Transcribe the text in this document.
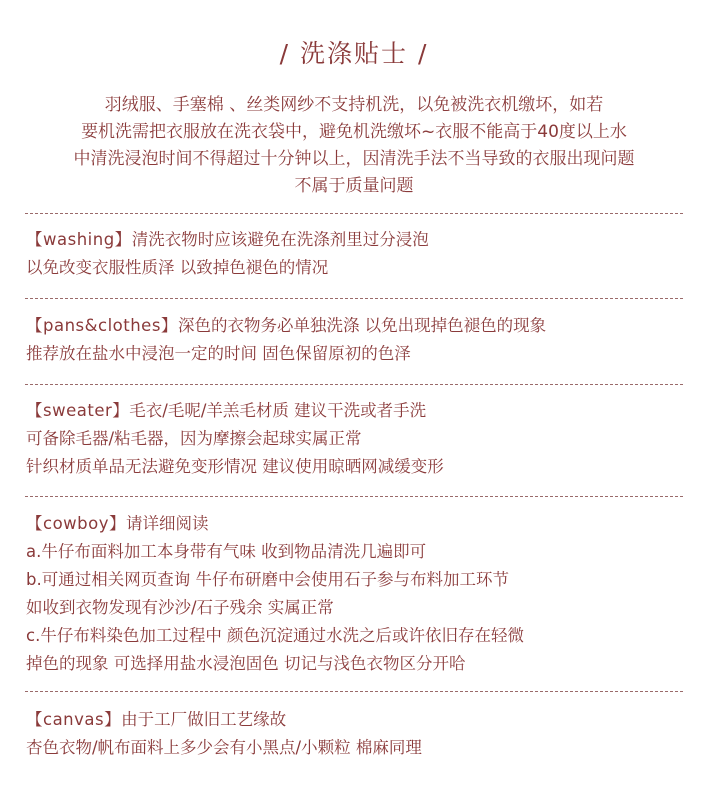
/ 洗涤贴士 /
羽绒服、手塞棉 、丝类网纱不支持机洗，以免被洗衣机缴坏，如若
要机洗需把衣服放在洗衣袋中，避免机洗缴坏~衣服不能高于40度以上水
中清洗浸泡时间不得超过十分钟以上，因清洗手法不当导致的衣服出现问题
不属于质量问题
【washing】清洗衣物时应该避免在洗涤剂里过分浸泡
以免改变衣服性质泽 以致掉色褪色的情况
【pans&clothes】深色的衣物务必单独洗涤 以免出现掉色褪色的现象
推荐放在盐水中浸泡一定的时间 固色保留原初的色泽
【sweater】毛衣/毛呢/羊羔毛材质 建议干洗或者手洗
可备除毛器/粘毛器，因为摩擦会起球实属正常
针织材质单品无法避免变形情况 建议使用晾晒网减缓变形
【cowboy】请详细阅读
a.牛仔布面料加工本身带有气味 收到物品清洗几遍即可
b.可通过相关网页查询 牛仔布研磨中会使用石子参与布料加工环节
如收到衣物发现有沙沙/石子残余 实属正常
c.牛仔布料染色加工过程中 颜色沉淀通过水洗之后或许依旧存在轻微
掉色的现象 可选择用盐水浸泡固色 切记与浅色衣物区分开哈
【canvas】由于工厂做旧工艺缘故
杏色衣物/帆布面料上多少会有小黑点/小颗粒 棉麻同理
